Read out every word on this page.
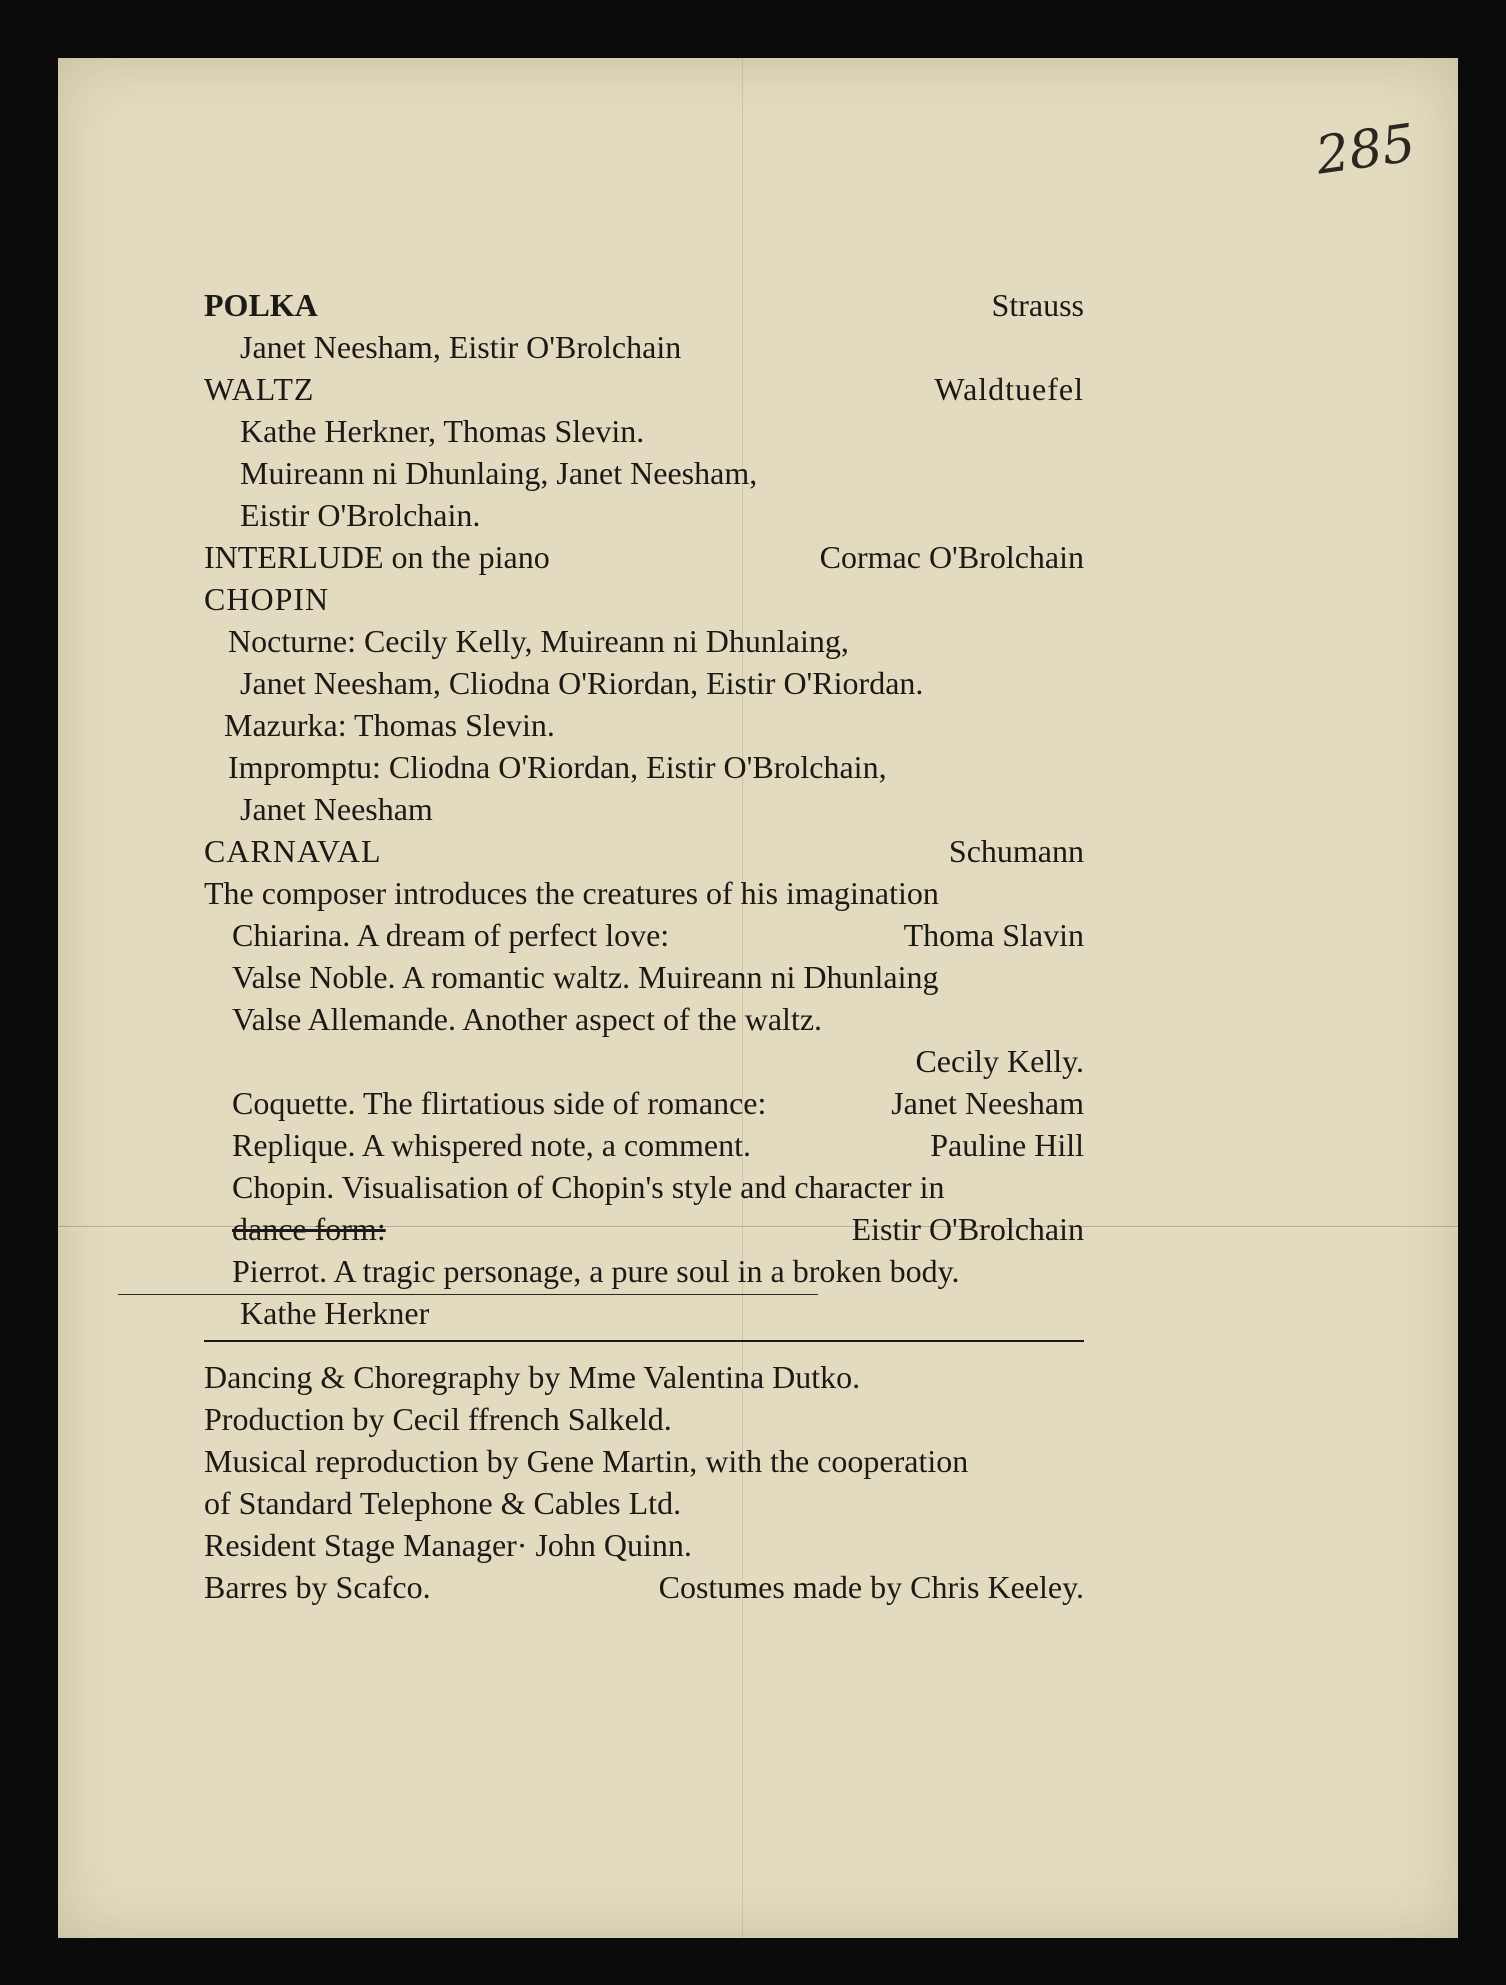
285
POLKA	Strauss
Janet Neesham, Eistir O'Brolchain
WALTZ	Waldtuefel
Kathe Herkner, Thomas Slevin.
Muireann ni Dhunlaing, Janet Neesham,
Eistir O'Brolchain.
INTERLUDE on the piano	Cormac O'Brolchain
CHOPIN
Nocturne: Cecily Kelly, Muireann ni Dhunlaing,
Janet Neesham, Cliodna O'Riordan, Eistir O'Riordan.
Mazurka: Thomas Slevin.
Impromptu: Cliodna O'Riordan, Eistir O'Brolchain,
Janet Neesham
CARNAVAL	Schumann
The composer introduces the creatures of his imagination
Chiarina. A dream of perfect love:	Thoma Slavin
Valse Noble. A romantic waltz. Muireann ni Dhunlaing
Valse Allemande. Another aspect of the waltz.
Cecily Kelly.
Coquette. The flirtatious side of romance:	Janet Neesham
Replique. A whispered note, a comment.	Pauline Hill
Chopin. Visualisation of Chopin's style and character in
dance form:	Eistir O'Brolchain
Pierrot. A tragic personage, a pure soul in a broken body.
Kathe Herkner
Dancing & Choregraphy by Mme Valentina Dutko.
Production by Cecil ffrench Salkeld.
Musical reproduction by Gene Martin, with the cooperation
of Standard Telephone & Cables Ltd.
Resident Stage Manager· John Quinn.
Barres by Scafco.	Costumes made by Chris Keeley.
